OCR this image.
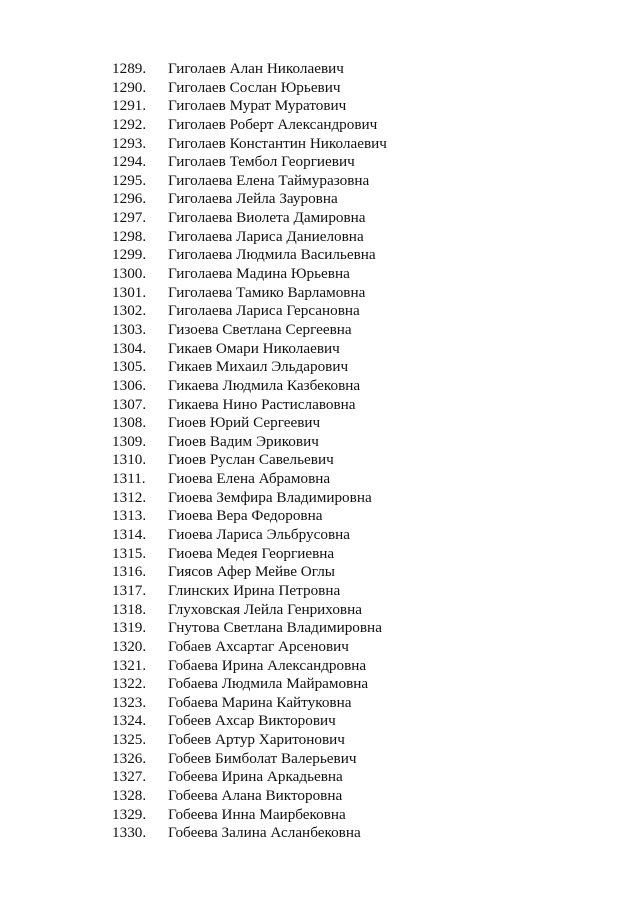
1289.	Гиголаев Алан Николаевич
1290.	Гиголаев Сослан Юрьевич
1291.	Гиголаев Мурат Муратович
1292.	Гиголаев Роберт Александрович
1293.	Гиголаев Константин Николаевич
1294.	Гиголаев Тембол Георгиевич
1295.	Гиголаева Елена Таймуразовна
1296.	Гиголаева Лейла Зауровна
1297.	Гиголаева Виолета Дамировна
1298.	Гиголаева Лариса Даниеловна
1299.	Гиголаева Людмила Васильевна
1300.	Гиголаева Мадина Юрьевна
1301.	Гиголаева Тамико Варламовна
1302.	Гиголаева Лариса Герсановна
1303.	Гизоева Светлана Сергеевна
1304.	Гикаев Омари Николаевич
1305.	Гикаев Михаил Эльдарович
1306.	Гикаева Людмила Казбековна
1307.	Гикаева Нино Растиславовна
1308.	Гиоев Юрий Сергеевич
1309.	Гиоев Вадим Эрикович
1310.	Гиоев Руслан Савельевич
1311.	Гиоева Елена Абрамовна
1312.	Гиоева Земфира Владимировна
1313.	Гиоева Вера Федоровна
1314.	Гиоева Лариса Эльбрусовна
1315.	Гиоева Медея Георгиевна
1316.	Гиясов Афер Мейве Оглы
1317.	Глинских Ирина Петровна
1318.	Глуховская Лейла Генриховна
1319.	Гнутова Светлана Владимировна
1320.	Гобаев Ахсартаг Арсенович
1321.	Гобаева Ирина Александровна
1322.	Гобаева Людмила Майрамовна
1323.	Гобаева Марина Кайтуковна
1324.	Гобеев Ахсар Викторович
1325.	Гобеев Артур Харитонович
1326.	Гобеев Бимболат Валерьевич
1327.	Гобеева Ирина Аркадьевна
1328.	Гобеева Алана Викторовна
1329.	Гобеева Инна Маирбековна
1330.	Гобеева Залина Асланбековна
